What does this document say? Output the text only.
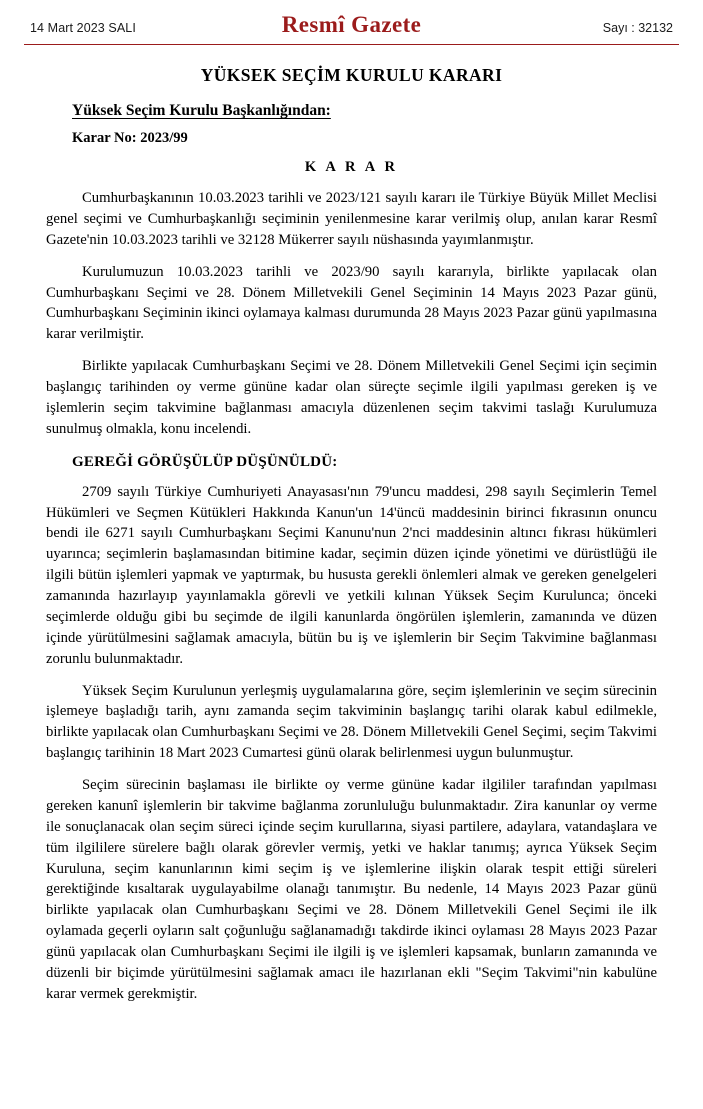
14 Mart 2023 SALI	Resmî Gazete	Sayı : 32132
YÜKSEK SEÇİM KURULU KARARI
Yüksek Seçim Kurulu Başkanlığından:
Karar No: 2023/99
K A R A R

Cumhurbaşkanının 10.03.2023 tarihli ve 2023/121 sayılı kararı ile Türkiye Büyük Millet Meclisi genel seçimi ve Cumhurbaşkanlığı seçiminin yenilenmesine karar verilmiş olup, anılan karar Resmî Gazete'nin 10.03.2023 tarihli ve 32128 Mükerrer sayılı nüshasında yayımlanmıştır.

Kurulumuzun 10.03.2023 tarihli ve 2023/90 sayılı kararıyla, birlikte yapılacak olan Cumhurbaşkanı Seçimi ve 28. Dönem Milletvekili Genel Seçiminin 14 Mayıs 2023 Pazar günü, Cumhurbaşkanı Seçiminin ikinci oylamaya kalması durumunda 28 Mayıs 2023 Pazar günü yapılmasına karar verilmiştir.

Birlikte yapılacak Cumhurbaşkanı Seçimi ve 28. Dönem Milletvekili Genel Seçimi için seçimin başlangıç tarihinden oy verme gününe kadar olan süreçte seçimle ilgili yapılması gereken iş ve işlemlerin seçim takvimine bağlanması amacıyla düzenlenen seçim takvimi taslağı Kurulumuza sunulmuş olmakla, konu incelendi.

GEREĞİ GÖRÜŞÜLÜP DÜŞÜNÜLDÜ:

2709 sayılı Türkiye Cumhuriyeti Anayasası'nın 79'uncu maddesi, 298 sayılı Seçimlerin Temel Hükümleri ve Seçmen Kütükleri Hakkında Kanun'un 14'üncü maddesinin birinci fıkrasının onuncu bendi ile 6271 sayılı Cumhurbaşkanı Seçimi Kanunu'nun 2'nci maddesinin altıncı fıkrası hükümleri uyarınca; seçimlerin başlamasından bitimine kadar, seçimin düzen içinde yönetimi ve dürüstlüğü ile ilgili bütün işlemleri yapmak ve yaptırmak, bu hususta gerekli önlemleri almak ve gereken genelgeleri zamanında hazırlayıp yayınlamakla görevli ve yetkili kılınan Yüksek Seçim Kurulunca; önceki seçimlerde olduğu gibi bu seçimde de ilgili kanunlarda öngörülen işlemlerin, zamanında ve düzen içinde yürütülmesini sağlamak amacıyla, bütün bu iş ve işlemlerin bir Seçim Takvimine bağlanması zorunlu bulunmaktadır.

Yüksek Seçim Kurulunun yerleşmiş uygulamalarına göre, seçim işlemlerinin ve seçim sürecinin işlemeye başladığı tarih, aynı zamanda seçim takviminin başlangıç tarihi olarak kabul edilmekle, birlikte yapılacak olan Cumhurbaşkanı Seçimi ve 28. Dönem Milletvekili Genel Seçimi, seçim Takvimi başlangıç tarihinin 18 Mart 2023 Cumartesi günü olarak belirlenmesi uygun bulunmuştur.

Seçim sürecinin başlaması ile birlikte oy verme gününe kadar ilgililer tarafından yapılması gereken kanunî işlemlerin bir takvime bağlanma zorunluluğu bulunmaktadır. Zira kanunlar oy verme ile sonuçlanacak olan seçim süreci içinde seçim kurullarına, siyasi partilere, adaylara, vatandaşlara ve tüm ilgililere sürelere bağlı olarak görevler vermiş, yetki ve haklar tanımış; ayrıca Yüksek Seçim Kuruluna, seçim kanunlarının kimi seçim iş ve işlemlerine ilişkin olarak tespit ettiği süreleri gerektiğinde kısaltarak uygulayabilme olanağı tanımıştır. Bu nedenle, 14 Mayıs 2023 Pazar günü birlikte yapılacak olan Cumhurbaşkanı Seçimi ve 28. Dönem Milletvekili Genel Seçimi ile ilk oylamada geçerli oyların salt çoğunluğu sağlanamadığı takdirde ikinci oylaması 28 Mayıs 2023 Pazar günü yapılacak olan Cumhurbaşkanı Seçimi ile ilgili iş ve işlemleri kapsamak, bunların zamanında ve düzenli bir biçimde yürütülmesini sağlamak amacı ile hazırlanan ekli "Seçim Takvimi"nin kabulüne karar vermek gerekmiştir.
